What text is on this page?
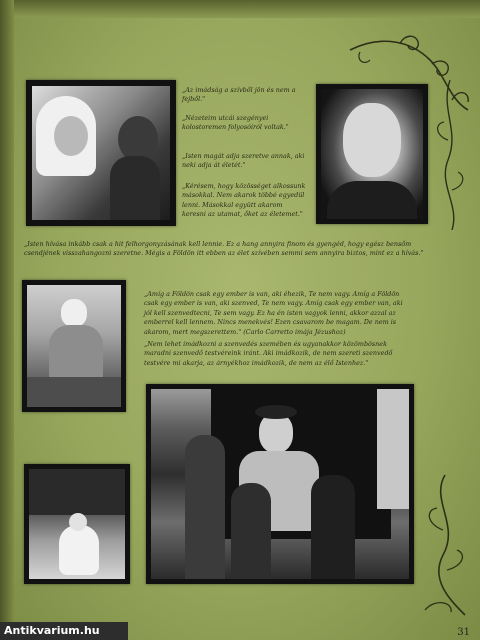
„Az imádság a szívből jön és nem a fejből."

„Nézeteim utcái szegényei kolostoremen folyosóiról voltak."

„Isten magát adja szeretve annak, aki neki adja át életét."

„Kérésem, hogy közösséget alkossunk másokkal. Nem akarok többé egyedül lenni. Másokkal együtt akarom keresni az utamat, őket az életemet."

„Isten hívása inkább csak a hit felhorgonyzásának kell lennie. Ez a hang annyira finom és gyengéd, hogy egész bensőm csendjének visszahangozni szeretne. Mégis a Földön itt ebben az élet szívében semmi sem annyira biztos, mint ez a hívás."

„Amíg a Földön csak egy ember is van, aki éhezik, Te nem vagy. Amíg a Földön csak egy ember is van, aki szenved, Te nem vagy. Amíg csak egy ember van, aki jól kell szenvedtecni, Te sem vagy. Ez ha én isten vagyok lenni, akkor azzal az emberrel kell lennem. Nincs menekvés! Ezen csavarom be magam. De nem is akarom, mert megszerettem." (Carlo Carretto imája Jézushoz)

„Nem lehet imádkozni a szenvedés szemében és ugyanakkor közömbösnek maradni szenvedő testvéreink iránt. Aki imádkozik, de nem szereti szenvedő testvére mi akarja, az árnyékhoz imádkozik, de nem az élő Istenhez."

31
Antikvarium.hu
